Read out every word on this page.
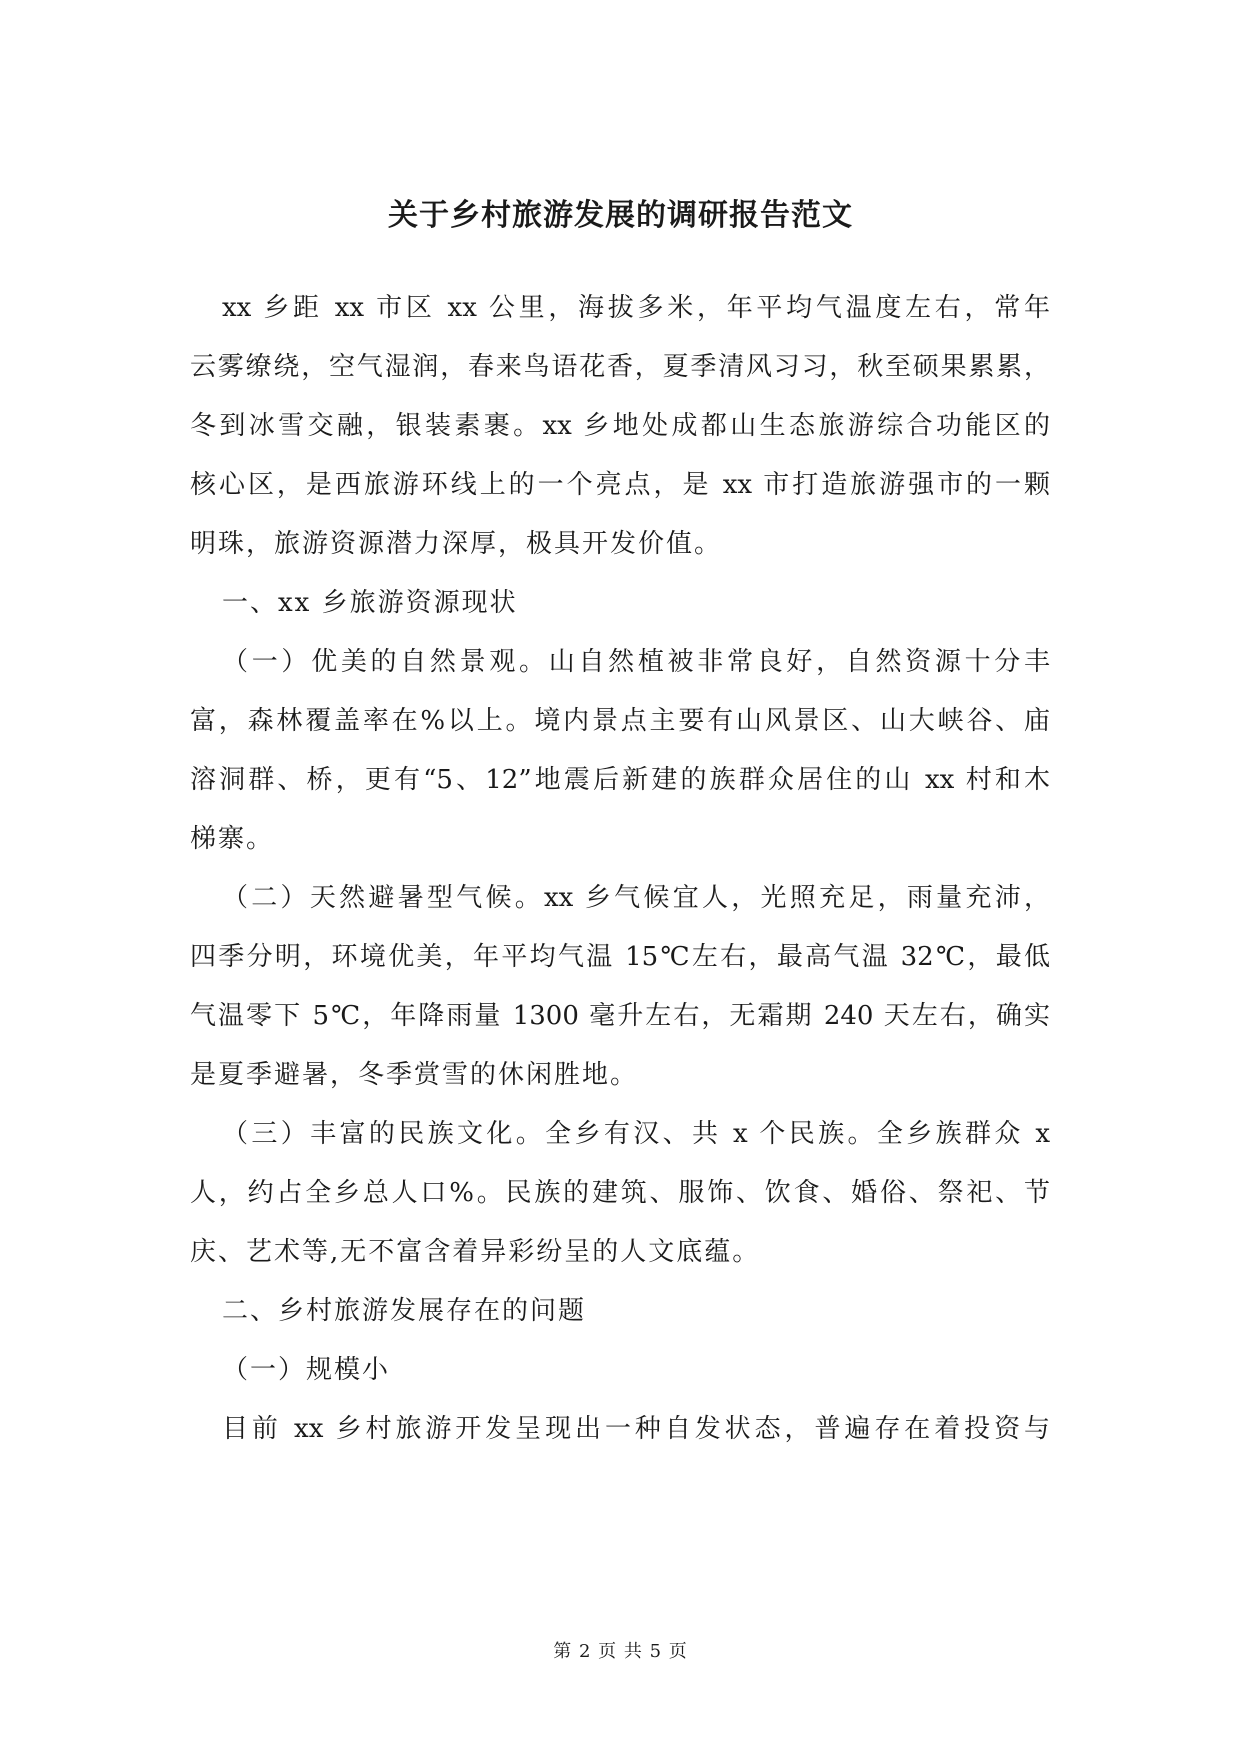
关于乡村旅游发展的调研报告范文
xx 乡距 xx 市区 xx 公里，海拔多米，年平均气温度左右，常年
云雾缭绕，空气湿润，春来鸟语花香，夏季清风习习，秋至硕果累累，
冬到冰雪交融，银装素裹。xx 乡地处成都山生态旅游综合功能区的
核心区，是西旅游环线上的一个亮点，是 xx 市打造旅游强市的一颗
明珠，旅游资源潜力深厚，极具开发价值。
一、xx 乡旅游资源现状
（一）优美的自然景观。山自然植被非常良好，自然资源十分丰
富，森林覆盖率在%以上。境内景点主要有山风景区、山大峡谷、庙
溶洞群、桥，更有“5、12”地震后新建的族群众居住的山 xx 村和木
梯寨。
（二）天然避暑型气候。xx 乡气候宜人，光照充足，雨量充沛，
四季分明，环境优美，年平均气温 15℃左右，最高气温 32℃，最低
气温零下 5℃，年降雨量 1300 毫升左右，无霜期 240 天左右，确实
是夏季避暑，冬季赏雪的休闲胜地。
（三）丰富的民族文化。全乡有汉、共 x 个民族。全乡族群众 x
人，约占全乡总人口%。民族的建筑、服饰、饮食、婚俗、祭祀、节
庆、艺术等,无不富含着异彩纷呈的人文底蕴。
二、乡村旅游发展存在的问题
（一）规模小
目前 xx 乡村旅游开发呈现出一种自发状态，普遍存在着投资与
第 2 页 共 5 页
